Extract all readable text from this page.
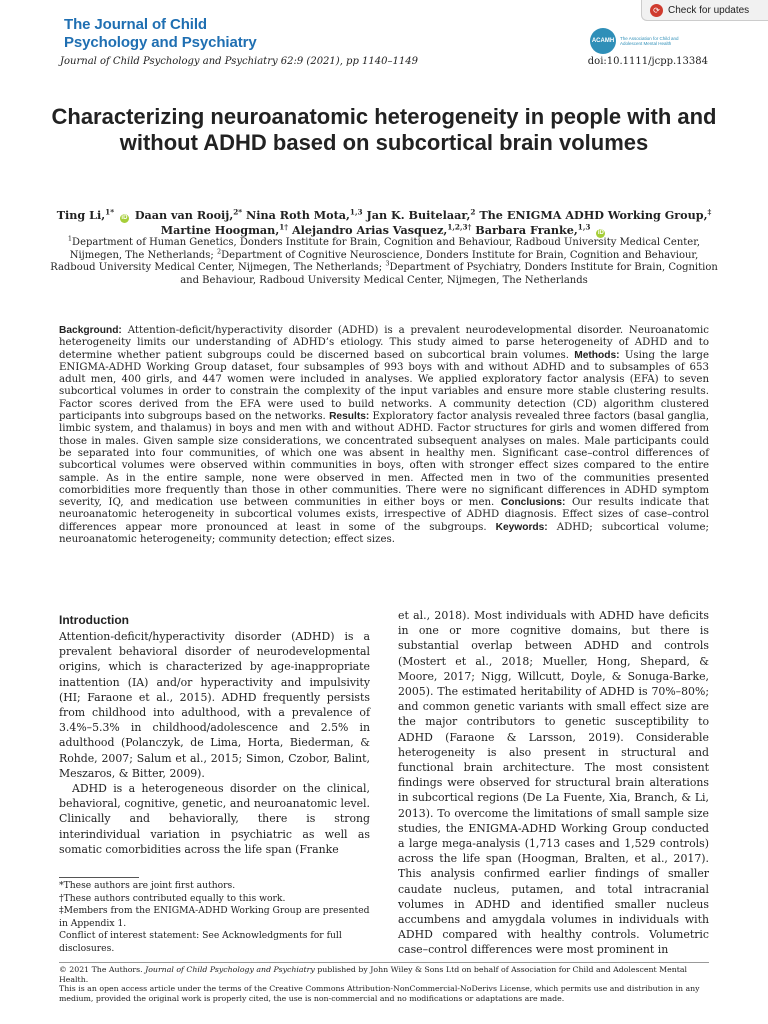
The Journal of Child
Psychology and Psychiatry
⟳ Check for updates
ACAMH	The Association for Child and Adolescent Mental Health
Journal of Child Psychology and Psychiatry 62:9 (2021), pp 1140–1149	doi:10.1111/jcpp.13384
Characterizing neuroanatomic heterogeneity in people with and without ADHD based on subcortical brain volumes
Ting Li,$^{1*}$ iD Daan van Rooij,$^{2*}$ Nina Roth Mota,$^{1,3}$ Jan K. Buitelaar,$^2$ The ENIGMA ADHD Working Group,‡ Martine Hoogman,$^{1\dagger}$ Alejandro Arias Vasquez,$^{1,2,3\dagger}$ Barbara Franke,$^{1,3}$ iD
$^1$Department of Human Genetics, Donders Institute for Brain, Cognition and Behaviour, Radboud University Medical Center, Nijmegen, The Netherlands; $^2$Department of Cognitive Neuroscience, Donders Institute for Brain, Cognition and Behaviour, Radboud University Medical Center, Nijmegen, The Netherlands; $^3$Department of Psychiatry, Donders Institute for Brain, Cognition and Behaviour, Radboud University Medical Center, Nijmegen, The Netherlands
Background: Attention-deficit/hyperactivity disorder (ADHD) is a prevalent neurodevelopmental disorder. Neuroanatomic heterogeneity limits our understanding of ADHD’s etiology. This study aimed to parse heterogeneity of ADHD and to determine whether patient subgroups could be discerned based on subcortical brain volumes. Methods: Using the large ENIGMA-ADHD Working Group dataset, four subsamples of 993 boys with and without ADHD and to subsamples of 653 adult men, 400 girls, and 447 women were included in analyses. We applied exploratory factor analysis (EFA) to seven subcortical volumes in order to constrain the complexity of the input variables and ensure more stable clustering results. Factor scores derived from the EFA were used to build networks. A community detection (CD) algorithm clustered participants into subgroups based on the networks. Results: Exploratory factor analysis revealed three factors (basal ganglia, limbic system, and thalamus) in boys and men with and without ADHD. Factor structures for girls and women differed from those in males. Given sample size considerations, we concentrated subsequent analyses on males. Male participants could be separated into four communities, of which one was absent in healthy men. Significant case–control differences of subcortical volumes were observed within communities in boys, often with stronger effect sizes compared to the entire sample. As in the entire sample, none were observed in men. Affected men in two of the communities presented comorbidities more frequently than those in other communities. There were no significant differences in ADHD symptom severity, IQ, and medication use between communities in either boys or men. Conclusions: Our results indicate that neuroanatomic heterogeneity in subcortical volumes exists, irrespective of ADHD diagnosis. Effect sizes of case–control differences appear more pronounced at least in some of the subgroups. Keywords: ADHD; subcortical volume; neuroanatomic heterogeneity; community detection; effect sizes.
Introduction

Attention-deficit/hyperactivity disorder (ADHD) is a prevalent behavioral disorder of neurodevelopmental origins, which is characterized by age-inappropriate inattention (IA) and/or hyperactivity and impulsivity (HI; Faraone et al., 2015). ADHD frequently persists from childhood into adulthood, with a prevalence of 3.4%–5.3% in childhood/adolescence and 2.5% in adulthood (Polanczyk, de Lima, Horta, Biederman, & Rohde, 2007; Salum et al., 2015; Simon, Czobor, Balint, Meszaros, & Bitter, 2009).

ADHD is a heterogeneous disorder on the clinical, behavioral, cognitive, genetic, and neuroanatomic level. Clinically and behaviorally, there is strong interindividual variation in psychiatric as well as somatic comorbidities across the life span (Franke

et al., 2018). Most individuals with ADHD have deficits in one or more cognitive domains, but there is substantial overlap between ADHD and controls (Mostert et al., 2018; Mueller, Hong, Shepard, & Moore, 2017; Nigg, Willcutt, Doyle, & Sonuga-Barke, 2005). The estimated heritability of ADHD is 70%–80%; and common genetic variants with small effect size are the major contributors to genetic susceptibility to ADHD (Faraone & Larsson, 2019). Considerable heterogeneity is also present in structural and functional brain architecture. The most consistent findings were observed for structural brain alterations in subcortical regions (De La Fuente, Xia, Branch, & Li, 2013). To overcome the limitations of small sample size studies, the ENIGMA-ADHD Working Group conducted a large mega-analysis (1,713 cases and 1,529 controls) across the life span (Hoogman, Bralten, et al., 2017). This analysis confirmed earlier findings of smaller caudate nucleus, putamen, and total intracranial volumes in ADHD and identified smaller nucleus accumbens and amygdala volumes in individuals with ADHD compared with healthy controls. Volumetric case–control differences were most prominent in

*These authors are joint first authors.
†These authors contributed equally to this work.
‡Members from the ENIGMA-ADHD Working Group are presented in Appendix 1.
Conflict of interest statement: See Acknowledgments for full disclosures.
© 2021 The Authors. Journal of Child Psychology and Psychiatry published by John Wiley & Sons Ltd on behalf of Association for Child and Adolescent Mental Health.
This is an open access article under the terms of the Creative Commons Attribution-NonCommercial-NoDerivs License, which permits use and distribution in any medium, provided the original work is properly cited, the use is non-commercial and no modifications or adaptations are made.
